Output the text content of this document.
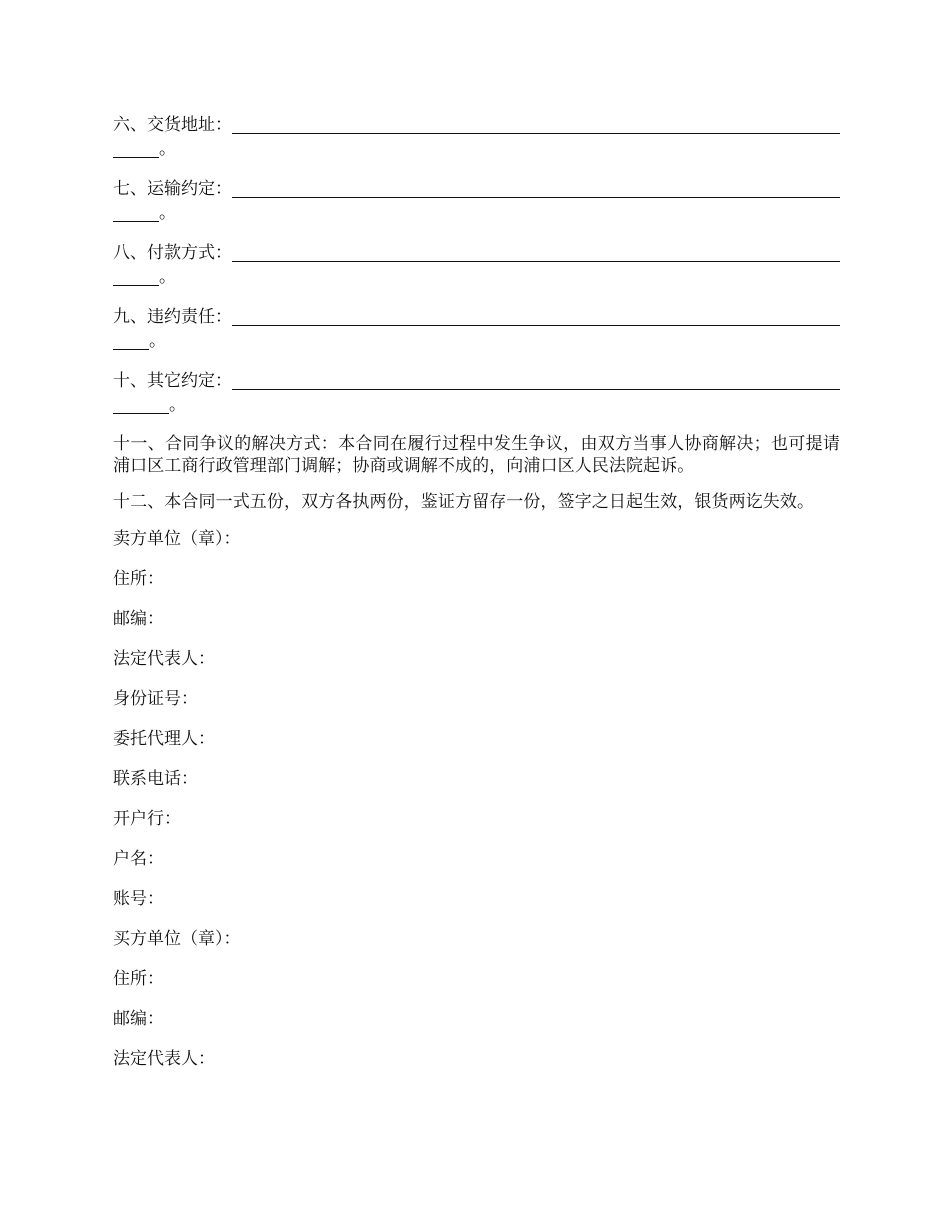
六、交货地址：
。
七、运输约定：
。
八、付款方式：
。
九、违约责任：
。
十、其它约定：
。
十一、合同争议的解决方式：本合同在履行过程中发生争议，由双方当事人协商解决；也可提请浦口区工商行政管理部门调解；协商或调解不成的，向浦口区人民法院起诉。
十二、本合同一式五份，双方各执两份，鉴证方留存一份，签字之日起生效，银货两讫失效。
卖方单位（章）：
住所：
邮编：
法定代表人：
身份证号：
委托代理人：
联系电话：
开户行：
户名：
账号：
买方单位（章）：
住所：
邮编：
法定代表人：
